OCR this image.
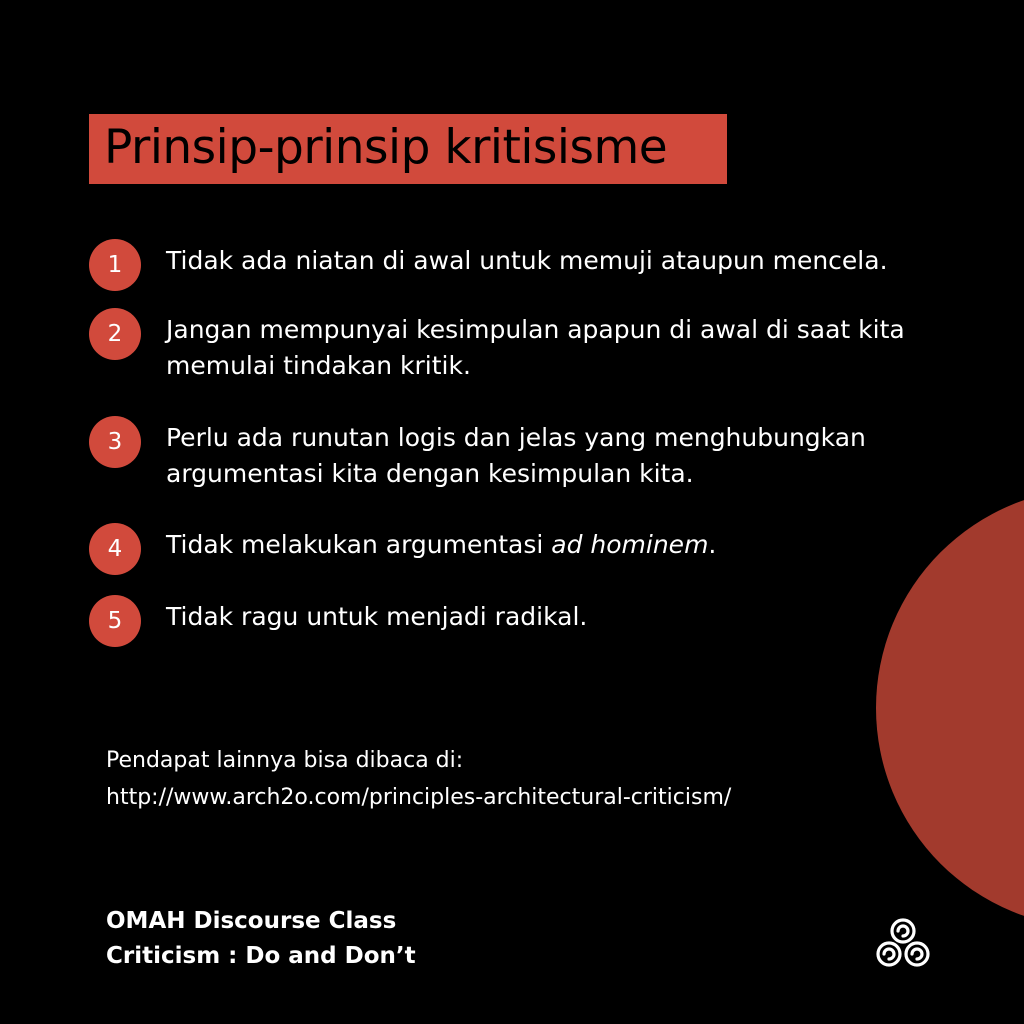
Prinsip-prinsip kritisisme
1	Tidak ada niatan di awal untuk memuji ataupun mencela.
2	Jangan mempunyai kesimpulan apapun di awal di saat kita memulai tindakan kritik.
3	Perlu ada runutan logis dan jelas yang menghubungkan argumentasi kita dengan kesimpulan kita.
4	Tidak melakukan argumentasi ad hominem.
5	Tidak ragu untuk menjadi radikal.
Pendapat lainnya bisa dibaca di:
http://www.arch2o.com/principles-architectural-criticism/
OMAH Discourse Class
Criticism : Do and Don’t
